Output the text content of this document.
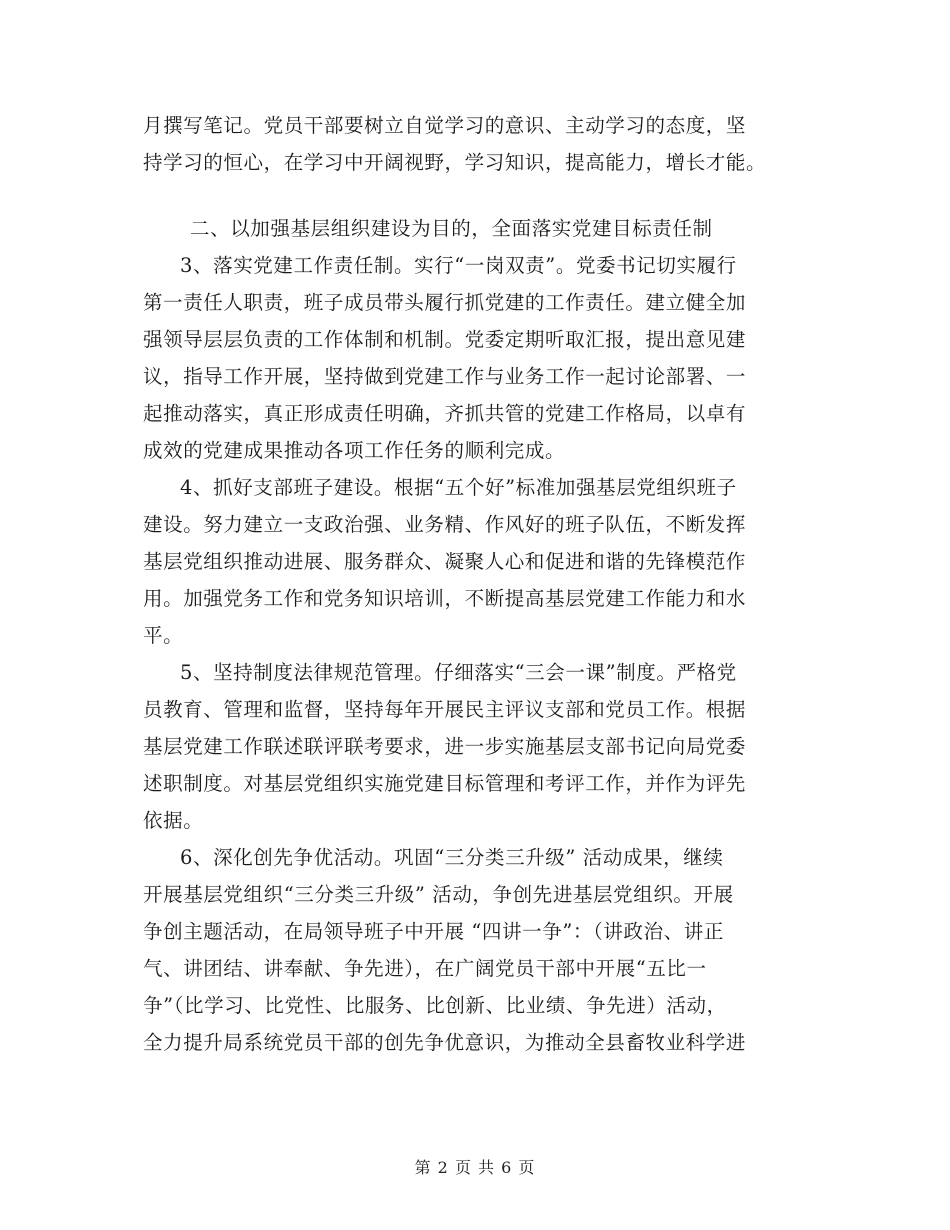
月撰写笔记。党员干部要树立自觉学习的意识、主动学习的态度，坚
持学习的恒心，在学习中开阔视野，学习知识，提高能力，增长才能。
二、以加强基层组织建设为目的，全面落实党建目标责任制
3、落实党建工作责任制。实行“一岗双责”。党委书记切实履行
第一责任人职责，班子成员带头履行抓党建的工作责任。建立健全加
强领导层层负责的工作体制和机制。党委定期听取汇报，提出意见建
议，指导工作开展，坚持做到党建工作与业务工作一起讨论部署、一
起推动落实，真正形成责任明确，齐抓共管的党建工作格局，以卓有
成效的党建成果推动各项工作任务的顺利完成。
4、抓好支部班子建设。根据“五个好”标准加强基层党组织班子
建设。努力建立一支政治强、业务精、作风好的班子队伍，不断发挥
基层党组织推动进展、服务群众、凝聚人心和促进和谐的先锋模范作
用。加强党务工作和党务知识培训，不断提高基层党建工作能力和水
平。
5、坚持制度法律规范管理。仔细落实“三会一课”制度。严格党
员教育、管理和监督，坚持每年开展民主评议支部和党员工作。根据
基层党建工作联述联评联考要求，进一步实施基层支部书记向局党委
述职制度。对基层党组织实施党建目标管理和考评工作，并作为评先
依据。
6、深化创先争优活动。巩固“三分类三升级” 活动成果，继续
开展基层党组织“三分类三升级” 活动，争创先进基层党组织。开展
争创主题活动，在局领导班子中开展 “四讲一争”：（讲政治、讲正
气、讲团结、讲奉献、争先进），在广阔党员干部中开展“五比一
争”（比学习、比党性、比服务、比创新、比业绩、争先进）活动，
全力提升局系统党员干部的创先争优意识，为推动全县畜牧业科学进
第 2 页 共 6 页
